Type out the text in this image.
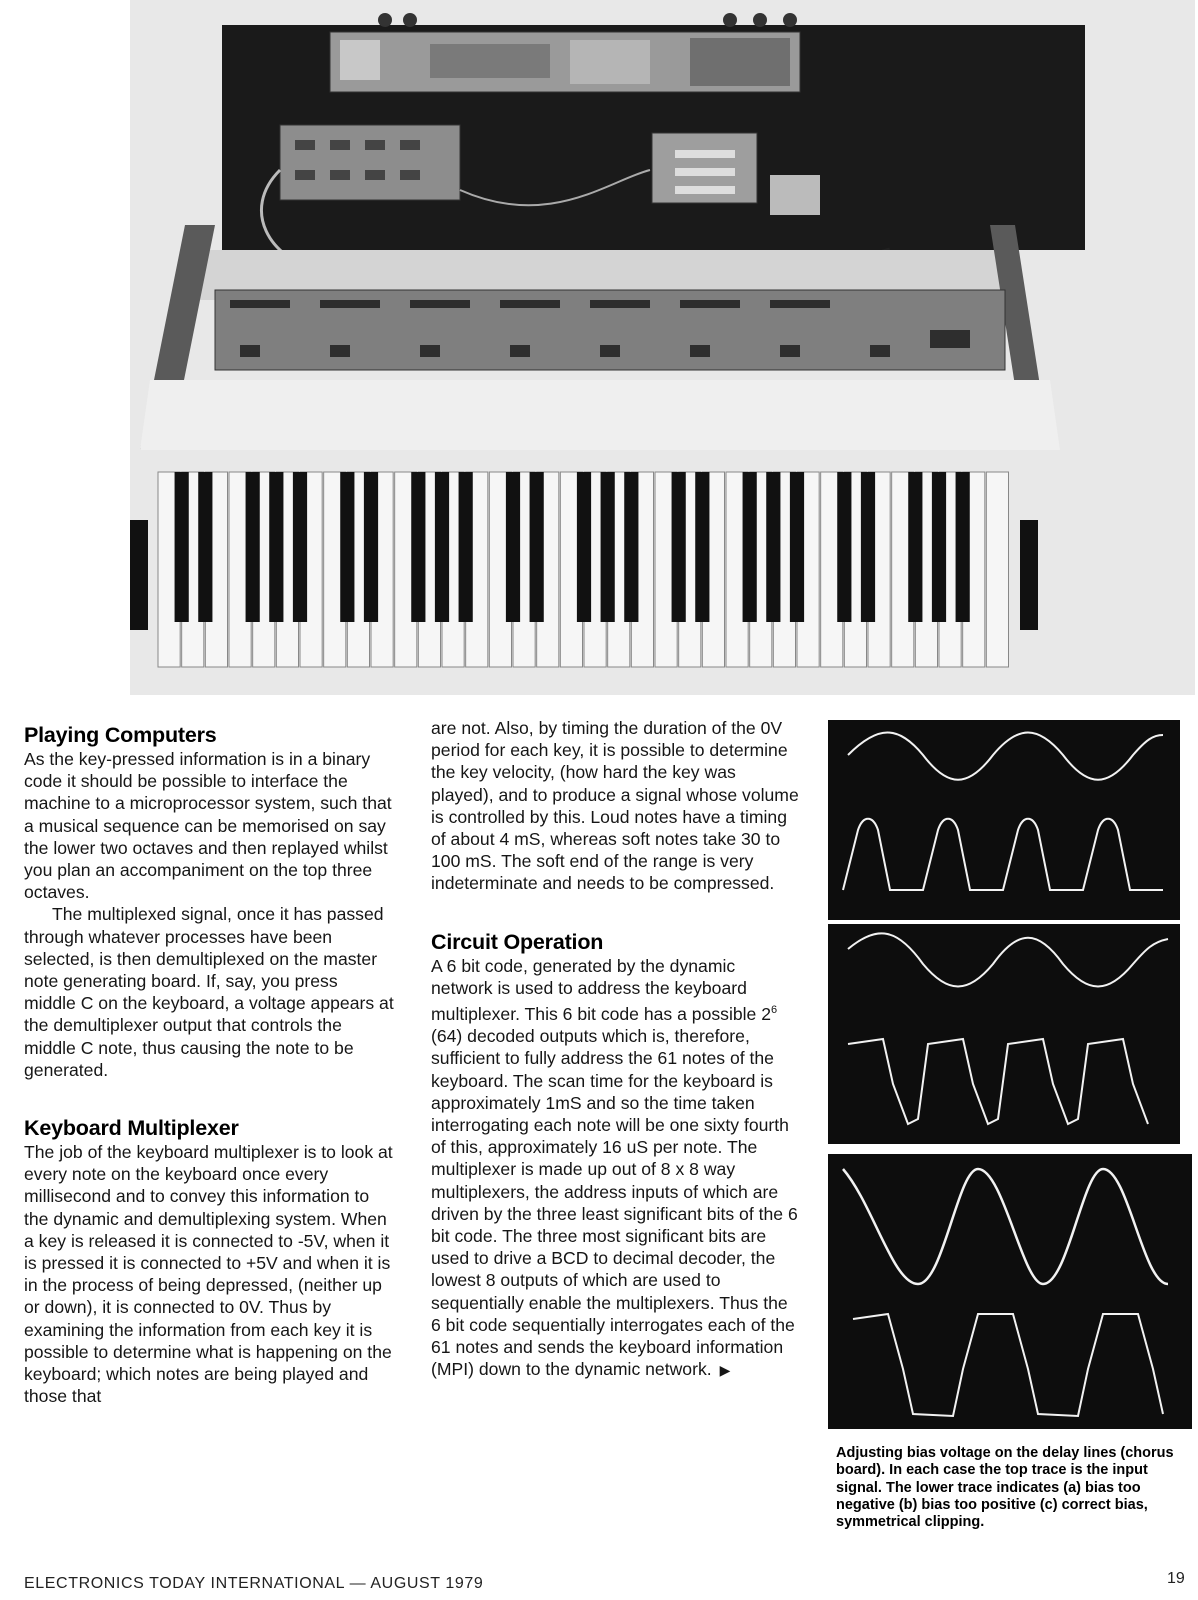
Playing Computers

As the key-pressed information is in a binary code it should be possible to interface the machine to a microprocessor system, such that a musical sequence can be memorised on say the lower two octaves and then replayed whilst you plan an accompaniment on the top three octaves.

The multiplexed signal, once it has passed through whatever processes have been selected, is then demultiplexed on the master note generating board. If, say, you press middle C on the keyboard, a voltage appears at the demultiplexer output that controls the middle C note, thus causing the note to be generated.

Keyboard Multiplexer

The job of the keyboard multiplexer is to look at every note on the keyboard once every millisecond and to convey this information to the dynamic and demultiplexing system. When a key is released it is connected to -5V, when it is pressed it is connected to +5V and when it is in the process of being depressed, (neither up or down), it is connected to 0V. Thus by examining the information from each key it is possible to determine what is happening on the keyboard; which notes are being played and those that

are not. Also, by timing the duration of the 0V period for each key, it is possible to determine the key velocity, (how hard the key was played), and to produce a signal whose volume is controlled by this. Loud notes have a timing of about 4 mS, whereas soft notes take 30 to 100 mS. The soft end of the range is very indeterminate and needs to be compressed.

Circuit Operation

A 6 bit code, generated by the dynamic network is used to address the keyboard multiplexer. This 6 bit code has a possible $2^6$ (64) decoded outputs which is, therefore, sufficient to fully address the 61 notes of the keyboard. The scan time for the keyboard is approximately 1mS and so the time taken interrogating each note will be one sixty fourth of this, approximately 16 uS per note. The multiplexer is made up out of 8 x 8 way multiplexers, the address inputs of which are driven by the three least significant bits of the 6 bit code. The three most significant bits are used to drive a BCD to decimal decoder, the lowest 8 outputs of which are used to sequentially enable the multiplexers. Thus the 6 bit code sequentially interrogates each of the 61 notes and sends the keyboard information (MPI) down to the dynamic network. ▶

Adjusting bias voltage on the delay lines (chorus board). In each case the top trace is the input signal. The lower trace indicates (a) bias too negative (b) bias too positive (c) correct bias, symmetrical clipping.
ELECTRONICS TODAY INTERNATIONAL — AUGUST 1979	19
